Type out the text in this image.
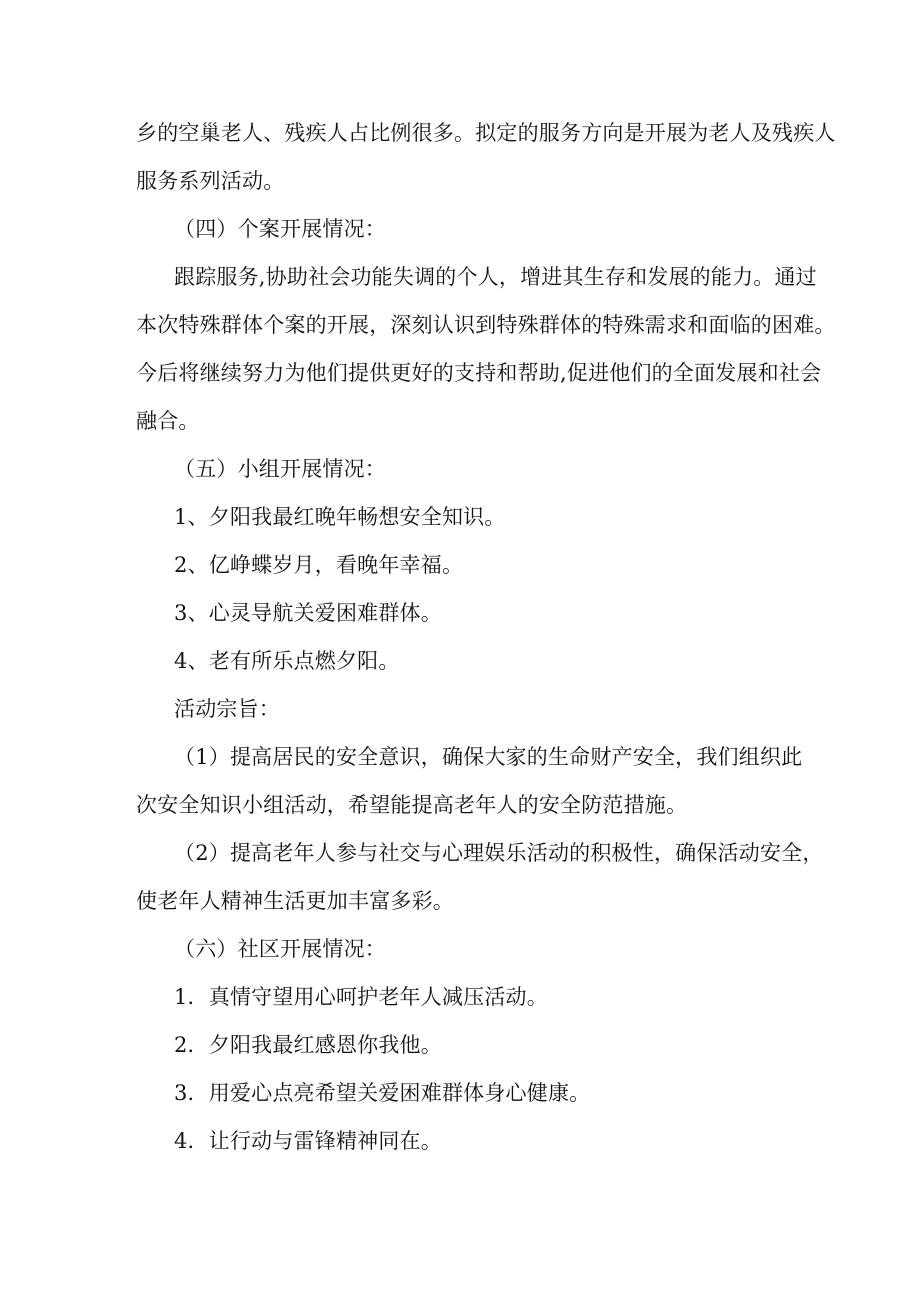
乡的空巢老人、残疾人占比例很多。拟定的服务方向是开展为老人及残疾人
服务系列活动。
（四）个案开展情况：
跟踪服务,协助社会功能失调的个人，增进其生存和发展的能力。通过
本次特殊群体个案的开展，深刻认识到特殊群体的特殊需求和面临的困难。
今后将继续努力为他们提供更好的支持和帮助,促进他们的全面发展和社会
融合。
（五）小组开展情况：
1、夕阳我最红晚年畅想安全知识。
2、亿峥蝶岁月，看晚年幸福。
3、心灵导航关爱困难群体。
4、老有所乐点燃夕阳。
活动宗旨：
（1）提高居民的安全意识，确保大家的生命财产安全，我们组织此
次安全知识小组活动，希望能提高老年人的安全防范措施。
（2）提高老年人参与社交与心理娱乐活动的积极性，确保活动安全，
使老年人精神生活更加丰富多彩。
（六）社区开展情况：
1．真情守望用心呵护老年人减压活动。
2．夕阳我最红感恩你我他。
3．用爱心点亮希望关爱困难群体身心健康。
4．让行动与雷锋精神同在。
